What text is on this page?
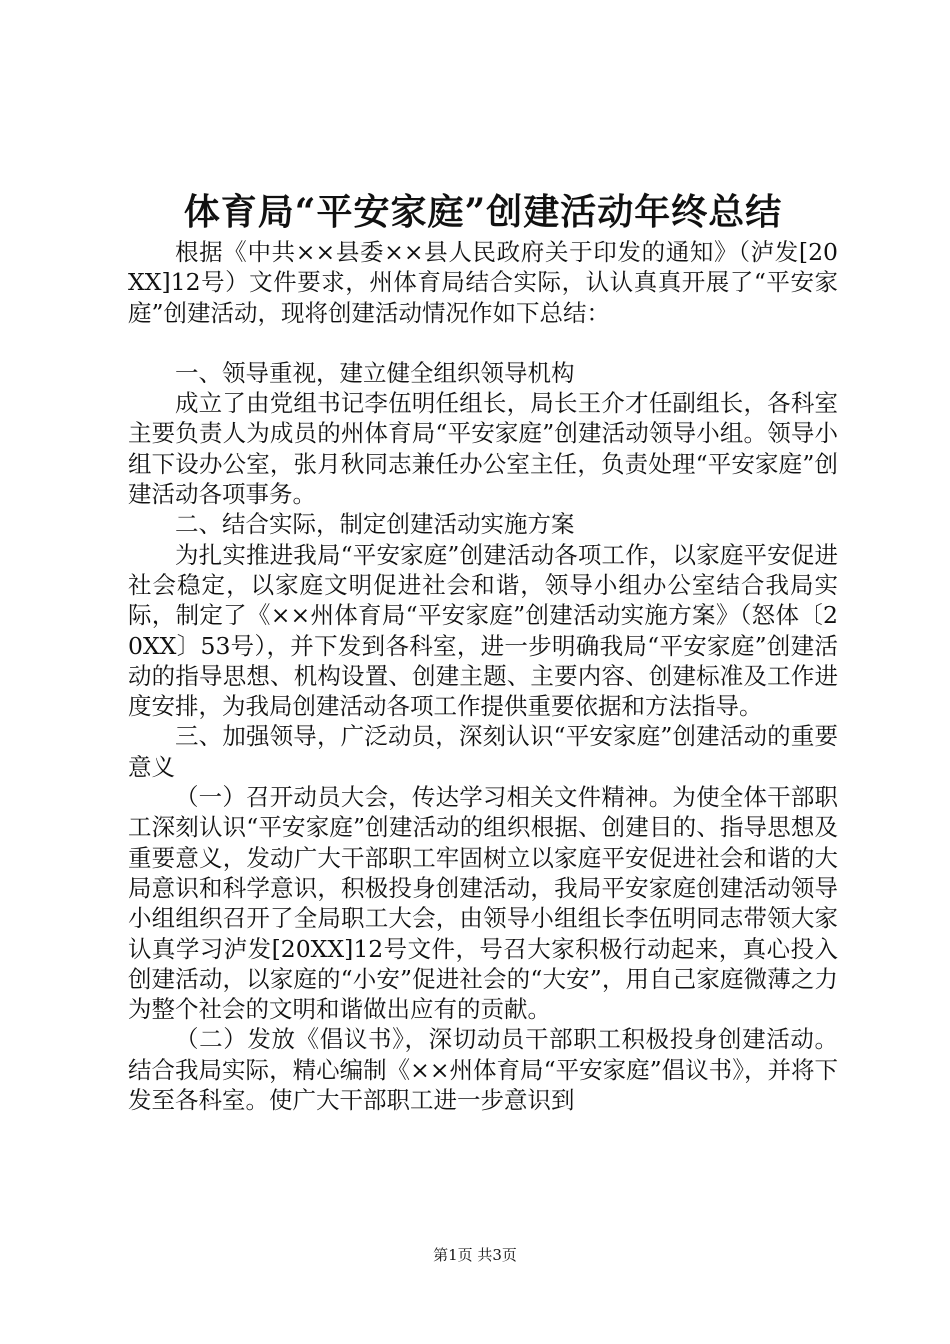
体育局“平安家庭”创建活动年终总结

根据《中共××县委××县人民政府关于印发的通知》（泸发[20XX]12号）文件要求，州体育局结合实际，认认真真开展了“平安家庭”创建活动，现将创建活动情况作如下总结：

一、领导重视，建立健全组织领导机构

成立了由党组书记李伍明任组长，局长王介才任副组长，各科室主要负责人为成员的州体育局“平安家庭”创建活动领导小组。领导小组下设办公室，张月秋同志兼任办公室主任，负责处理“平安家庭”创建活动各项事务。

二、结合实际，制定创建活动实施方案

为扎实推进我局“平安家庭”创建活动各项工作，以家庭平安促进社会稳定，以家庭文明促进社会和谐，领导小组办公室结合我局实际，制定了《××州体育局“平安家庭”创建活动实施方案》（怒体〔20XX〕53号），并下发到各科室，进一步明确我局“平安家庭”创建活动的指导思想、机构设置、创建主题、主要内容、创建标准及工作进度安排，为我局创建活动各项工作提供重要依据和方法指导。

三、加强领导，广泛动员，深刻认识“平安家庭”创建活动的重要意义

（一）召开动员大会，传达学习相关文件精神。为使全体干部职工深刻认识“平安家庭”创建活动的组织根据、创建目的、指导思想及重要意义，发动广大干部职工牢固树立以家庭平安促进社会和谐的大局意识和科学意识，积极投身创建活动，我局平安家庭创建活动领导小组组织召开了全局职工大会，由领导小组组长李伍明同志带领大家认真学习泸发[20XX]12号文件，号召大家积极行动起来，真心投入创建活动，以家庭的“小安”促进社会的“大安”，用自己家庭微薄之力为整个社会的文明和谐做出应有的贡献。

（二）发放《倡议书》，深切动员干部职工积极投身创建活动。结合我局实际，精心编制《××州体育局“平安家庭”倡议书》，并将下发至各科室。使广大干部职工进一步意识到

第1页 共3页
